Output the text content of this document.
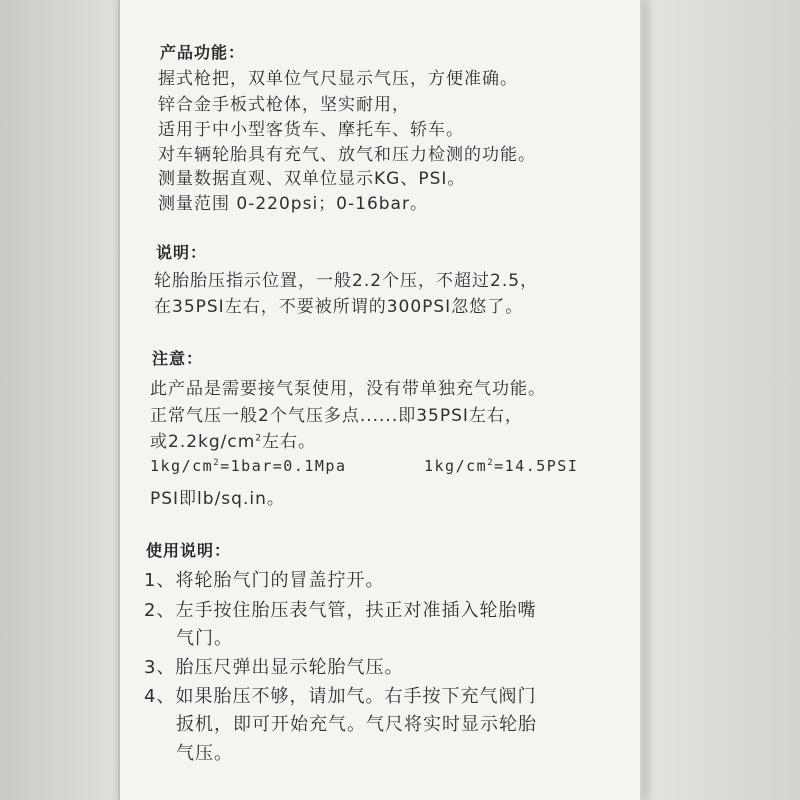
产品功能：
握式枪把，双单位气尺显示气压，方便准确。
锌合金手板式枪体，坚实耐用，
适用于中小型客货车、摩托车、轿车。
对车辆轮胎具有充气、放气和压力检测的功能。
测量数据直观、双单位显示KG、PSI。
测量范围 0-220psi；0-16bar。
说明：
轮胎胎压指示位置，一般2.2个压，不超过2.5，
在35PSI左右，不要被所谓的300PSI忽悠了。
注意：
此产品是需要接气泵使用，没有带单独充气功能。
正常气压一般2个气压多点......即35PSI左右，
或$2.2kg/cm^2$左右。
$1kg/cm^2=1bar=0.1Mpa$	$1kg/cm^2=14.5PSI$
PSI即lb/sq.in。
使用说明：
1、将轮胎气门的冒盖拧开。
2、左手按住胎压表气管，扶正对准插入轮胎嘴
气门。
3、胎压尺弹出显示轮胎气压。
4、如果胎压不够，请加气。右手按下充气阀门
扳机，即可开始充气。气尺将实时显示轮胎
气压。
